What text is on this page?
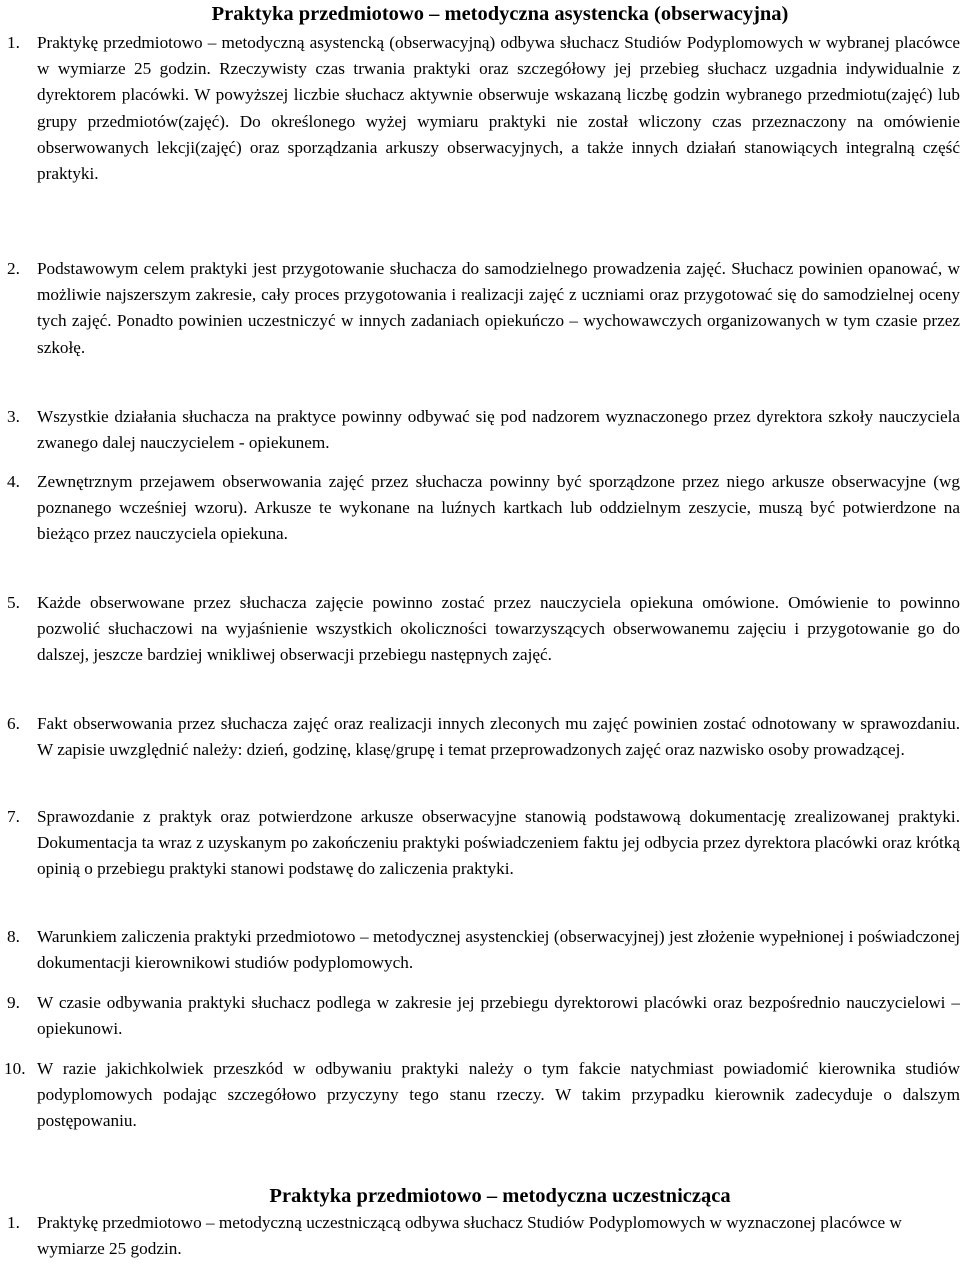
Praktyka przedmiotowo – metodyczna asystencka (obserwacyjna)
1. Praktykę przedmiotowo – metodyczną asystencką (obserwacyjną) odbywa słuchacz Studiów Podyplomowych w wybranej placówce w wymiarze 25 godzin. Rzeczywisty czas trwania praktyki oraz szczegółowy jej przebieg słuchacz uzgadnia indywidualnie z dyrektorem placówki. W powyższej liczbie słuchacz aktywnie obserwuje wskazaną liczbę godzin wybranego przedmiotu(zajęć) lub grupy przedmiotów(zajęć). Do określonego wyżej wymiaru praktyki nie został wliczony czas przeznaczony na omówienie obserwowanych lekcji(zajęć) oraz sporządzania arkuszy obserwacyjnych, a także innych działań stanowiących integralną część praktyki.
2. Podstawowym celem praktyki jest przygotowanie słuchacza do samodzielnego prowadzenia zajęć. Słuchacz powinien opanować, w możliwie najszerszym zakresie, cały proces przygotowania i realizacji zajęć z uczniami oraz przygotować się do samodzielnej oceny tych zajęć. Ponadto powinien uczestniczyć w innych zadaniach opiekuńczo – wychowawczych organizowanych w tym czasie przez szkołę.
3. Wszystkie działania słuchacza na praktyce powinny odbywać się pod nadzorem wyznaczonego przez dyrektora szkoły nauczyciela zwanego dalej nauczycielem - opiekunem.
4. Zewnętrznym przejawem obserwowania zajęć przez słuchacza powinny być sporządzone przez niego arkusze obserwacyjne (wg poznanego wcześniej wzoru). Arkusze te wykonane na luźnych kartkach lub oddzielnym zeszycie, muszą być potwierdzone na bieżąco przez nauczyciela opiekuna.
5. Każde obserwowane przez słuchacza zajęcie powinno zostać przez nauczyciela opiekuna omówione. Omówienie to powinno pozwolić słuchaczowi na wyjaśnienie wszystkich okoliczności towarzyszących obserwowanemu zajęciu i przygotowanie go do dalszej, jeszcze bardziej wnikliwej obserwacji przebiegu następnych zajęć.
6. Fakt obserwowania przez słuchacza zajęć oraz realizacji innych zleconych mu zajęć powinien zostać odnotowany w sprawozdaniu. W zapisie uwzględnić należy: dzień, godzinę, klasę/grupę i temat przeprowadzonych zajęć oraz nazwisko osoby prowadzącej.
7. Sprawozdanie z praktyk oraz potwierdzone arkusze obserwacyjne stanowią podstawową dokumentację zrealizowanej praktyki. Dokumentacja ta wraz z uzyskanym po zakończeniu praktyki poświadczeniem faktu jej odbycia przez dyrektora placówki oraz krótką opinią o przebiegu praktyki stanowi podstawę do zaliczenia praktyki.
8. Warunkiem zaliczenia praktyki przedmiotowo – metodycznej asystenckiej (obserwacyjnej) jest złożenie wypełnionej i poświadczonej dokumentacji kierownikowi studiów podyplomowych.
9. W czasie odbywania praktyki słuchacz podlega w zakresie jej przebiegu dyrektorowi placówki oraz bezpośrednio nauczycielowi – opiekunowi.
10. W razie jakichkolwiek przeszkód w odbywaniu praktyki należy o tym fakcie natychmiast powiadomić kierownika studiów podyplomowych podając szczegółowo przyczyny tego stanu rzeczy. W takim przypadku kierownik zadecyduje o dalszym postępowaniu.
Praktyka przedmiotowo – metodyczna uczestnicząca
1. Praktykę przedmiotowo – metodyczną uczestniczącą odbywa słuchacz Studiów Podyplomowych w wyznaczonej placówce w wymiarze 25 godzin.
